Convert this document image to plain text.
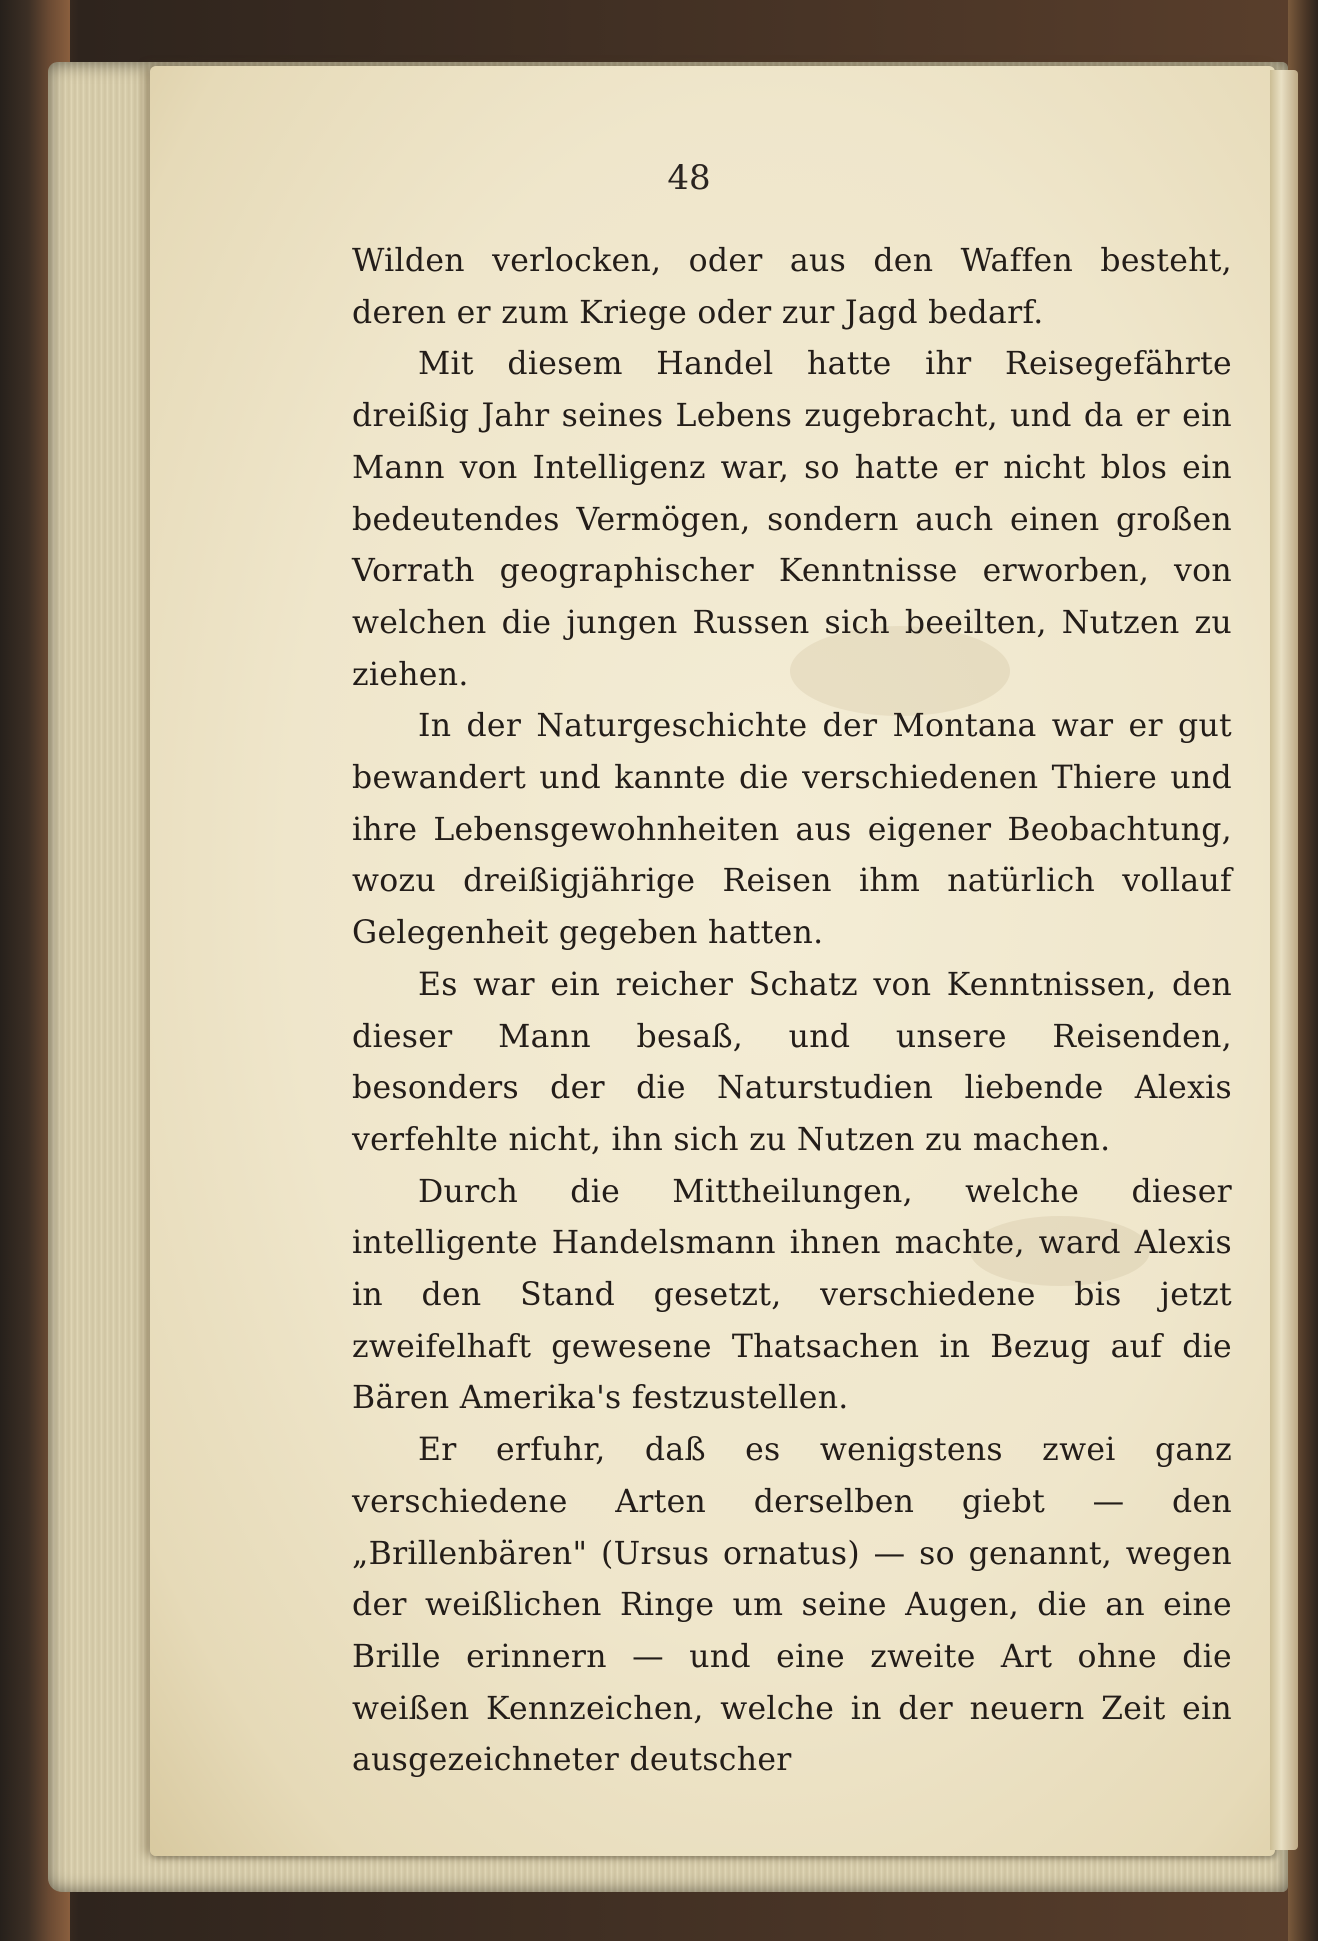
48

Wilden verlocken, oder aus den Waffen besteht, deren er zum Kriege oder zur Jagd bedarf.

Mit diesem Handel hatte ihr Reisegefährte dreißig Jahr seines Lebens zugebracht, und da er ein Mann von Intelligenz war, so hatte er nicht blos ein bedeutendes Vermögen, sondern auch einen großen Vorrath geographischer Kenntnisse erworben, von welchen die jungen Russen sich beeilten, Nutzen zu ziehen.

In der Naturgeschichte der Montana war er gut bewandert und kannte die verschiedenen Thiere und ihre Lebensgewohnheiten aus eigener Beobachtung, wozu dreißigjährige Reisen ihm natürlich vollauf Gelegenheit gegeben hatten.

Es war ein reicher Schatz von Kenntnissen, den dieser Mann besaß, und unsere Reisenden, besonders der die Naturstudien liebende Alexis verfehlte nicht, ihn sich zu Nutzen zu machen.

Durch die Mittheilungen, welche dieser intelligente Handelsmann ihnen machte, ward Alexis in den Stand gesetzt, verschiedene bis jetzt zweifelhaft gewesene Thatsachen in Bezug auf die Bären Amerika's festzustellen.

Er erfuhr, daß es wenigstens zwei ganz verschiedene Arten derselben giebt — den „Brillenbären" (Ursus ornatus) — so genannt, wegen der weißlichen Ringe um seine Augen, die an eine Brille erinnern — und eine zweite Art ohne die weißen Kennzeichen, welche in der neuern Zeit ein ausgezeichneter deutscher
